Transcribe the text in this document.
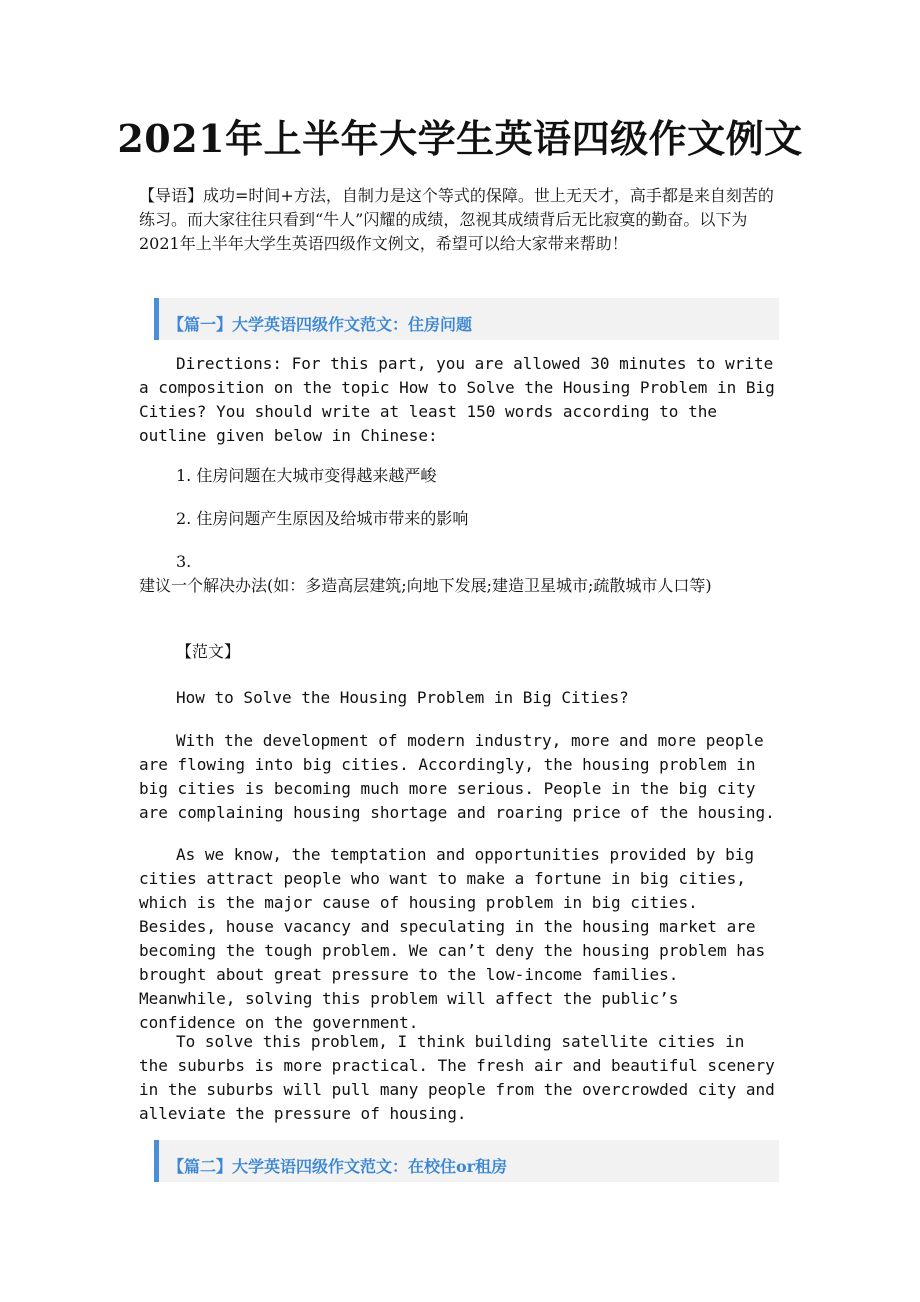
2021年上半年大学生英语四级作文例文
【导语】成功=时间+方法，自制力是这个等式的保障。世上无天才，高手都是来自刻苦的练习。而大家往往只看到“牛人”闪耀的成绩，忽视其成绩背后无比寂寞的勤奋。以下为2021年上半年大学生英语四级作文例文，希望可以给大家带来帮助！
【篇一】大学英语四级作文范文：住房问题
Directions: For this part, you are allowed 30 minutes to write a composition on the topic How to Solve the Housing Problem in Big Cities? You should write at least 150 words according to the outline given below in Chinese:
1. 住房问题在大城市变得越来越严峻
2. 住房问题产生原因及给城市带来的影响
3.
建议一个解决办法(如：多造高层建筑;向地下发展;建造卫星城市;疏散城市人口等)
【范文】
How to Solve the Housing Problem in Big Cities?
With the development of modern industry, more and more people are flowing into big cities. Accordingly, the housing problem in big cities is becoming much more serious. People in the big city are complaining housing shortage and roaring price of the housing.
As we know, the temptation and opportunities provided by big cities attract people who want to make a fortune in big cities, which is the major cause of housing problem in big cities. Besides, house vacancy and speculating in the housing market are becoming the tough problem. We can’t deny the housing problem has brought about great pressure to the low-income families. Meanwhile, solving this problem will affect the public’s confidence on the government.
To solve this problem, I think building satellite cities in the suburbs is more practical. The fresh air and beautiful scenery in the suburbs will pull many people from the overcrowded city and alleviate the pressure of housing.
【篇二】大学英语四级作文范文：在校住or租房
